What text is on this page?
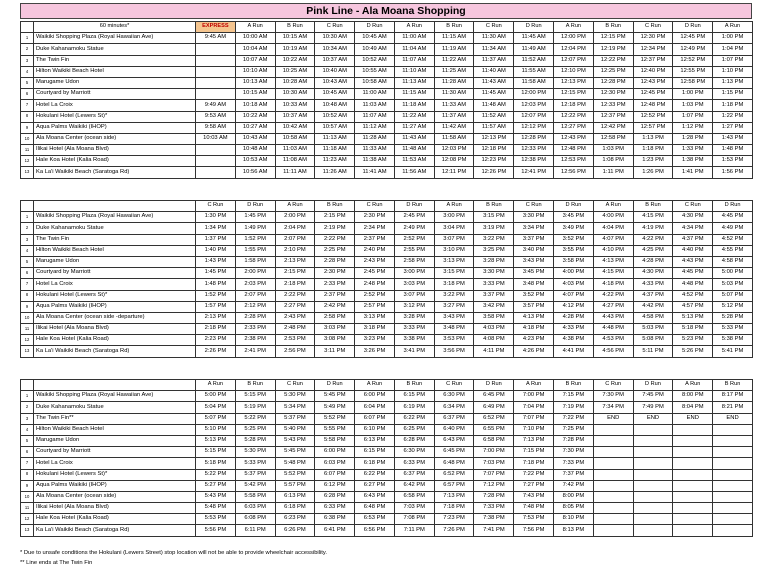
Pink Line - Ala Moana Shopping
	60 minutes*	EXPRESS	A Run	B Run	C Run	D Run	A Run	B Run	C Run	D Run	A Run	B Run	C Run	D Run	A Run	
1	Waikiki Shopping Plaza (Royal Hawaiian Ave)	9:45 AM	10:00 AM	10:15 AM	10:30 AM	10:45 AM	11:00 AM	11:15 AM	11:30 AM	11:45 AM	12:00 PM	12:15 PM	12:30 PM	12:45 PM	1:00 PM	
2	Duke Kahanamoku Statue		10:04 AM	10:19 AM	10:34 AM	10:49 AM	11:04 AM	11:19 AM	11:34 AM	11:49 AM	12:04 PM	12:19 PM	12:34 PM	12:49 PM	1:04 PM	
3	The Twin Fin		10:07 AM	10:22 AM	10:37 AM	10:52 AM	11:07 AM	11:22 AM	11:37 AM	11:52 AM	12:07 PM	12:22 PM	12:37 PM	12:52 PM	1:07 PM	
4	Hilton Waikiki Beach Hotel		10:10 AM	10:25 AM	10:40 AM	10:55 AM	11:10 AM	11:25 AM	11:40 AM	11:55 AM	12:10 PM	12:25 PM	12:40 PM	12:55 PM	1:10 PM	
5	Marugame Udon		10:13 AM	10:28 AM	10:43 AM	10:58 AM	11:13 AM	11:28 AM	11:43 AM	11:58 AM	12:13 PM	12:28 PM	12:43 PM	12:58 PM	1:13 PM	
6	Courtyard by Marriott		10:15 AM	10:30 AM	10:45 AM	11:00 AM	11:15 AM	11:30 AM	11:45 AM	12:00 PM	12:15 PM	12:30 PM	12:45 PM	1:00 PM	1:15 PM	
7	Hotel La Croix	9:49 AM	10:18 AM	10:33 AM	10:48 AM	11:03 AM	11:18 AM	11:33 AM	11:48 AM	12:03 PM	12:18 PM	12:33 PM	12:48 PM	1:03 PM	1:18 PM	
8	Hokulani Hotel (Lewers St)*	9:53 AM	10:22 AM	10:37 AM	10:52 AM	11:07 AM	11:22 AM	11:37 AM	11:52 AM	12:07 PM	12:22 PM	12:37 PM	12:52 PM	1:07 PM	1:22 PM	
9	Aqua Palms Waikiki (IHOP)	9:58 AM	10:27 AM	10:42 AM	10:57 AM	11:12 AM	11:27 AM	11:42 AM	11:57 AM	12:12 PM	12:27 PM	12:42 PM	12:57 PM	1:12 PM	1:27 PM	
10	Ala Moana Center (ocean side)	10:03 AM	10:43 AM	10:58 AM	11:13 AM	11:28 AM	11:43 AM	11:58 AM	12:13 PM	12:28 PM	12:43 PM	12:58 PM	1:13 PM	1:28 PM	1:43 PM	
11	Ilikai Hotel (Ala Moana Blvd)		10:48 AM	11:03 AM	11:18 AM	11:33 AM	11:48 AM	12:03 PM	12:18 PM	12:33 PM	12:48 PM	1:03 PM	1:18 PM	1:33 PM	1:48 PM	
12	Hale Koa Hotel (Kalia Road)		10:53 AM	11:08 AM	11:23 AM	11:38 AM	11:53 AM	12:08 PM	12:23 PM	12:38 PM	12:53 PM	1:08 PM	1:23 PM	1:38 PM	1:53 PM	
13	Ka La'i Waikiki Beach (Saratoga Rd)		10:56 AM	11:11 AM	11:26 AM	11:41 AM	11:56 AM	12:11 PM	12:26 PM	12:41 PM	12:56 PM	1:11 PM	1:26 PM	1:41 PM	1:56 PM	
		C Run	D Run	A Run	B Run	C Run	D Run	A Run	B Run	C Run	D Run	A Run	B Run	C Run	D Run	
1	Waikiki Shopping Plaza (Royal Hawaiian Ave)	1:30 PM	1:45 PM	2:00 PM	2:15 PM	2:30 PM	2:45 PM	3:00 PM	3:15 PM	3:30 PM	3:45 PM	4:00 PM	4:15 PM	4:30 PM	4:45 PM	
2	Duke Kahanamoku Statue	1:34 PM	1:49 PM	2:04 PM	2:19 PM	2:34 PM	2:49 PM	3:04 PM	3:19 PM	3:34 PM	3:49 PM	4:04 PM	4:19 PM	4:34 PM	4:49 PM	
3	The Twin Fin	1:37 PM	1:52 PM	2:07 PM	2:22 PM	2:37 PM	2:52 PM	3:07 PM	3:22 PM	3:37 PM	3:52 PM	4:07 PM	4:22 PM	4:37 PM	4:52 PM	
4	Hilton Waikiki Beach Hotel	1:40 PM	1:55 PM	2:10 PM	2:25 PM	2:40 PM	2:55 PM	3:10 PM	3:25 PM	3:40 PM	3:55 PM	4:10 PM	4:25 PM	4:40 PM	4:55 PM	
5	Marugame Udon	1:43 PM	1:58 PM	2:13 PM	2:28 PM	2:43 PM	2:58 PM	3:13 PM	3:28 PM	3:43 PM	3:58 PM	4:13 PM	4:28 PM	4:43 PM	4:58 PM	
6	Courtyard by Marriott	1:45 PM	2:00 PM	2:15 PM	2:30 PM	2:45 PM	3:00 PM	3:15 PM	3:30 PM	3:45 PM	4:00 PM	4:15 PM	4:30 PM	4:45 PM	5:00 PM	
7	Hotel La Croix	1:48 PM	2:03 PM	2:18 PM	2:33 PM	2:48 PM	3:03 PM	3:18 PM	3:33 PM	3:48 PM	4:03 PM	4:18 PM	4:33 PM	4:48 PM	5:03 PM	
8	Hokulani Hotel (Lewers St)*	1:52 PM	2:07 PM	2:22 PM	2:37 PM	2:52 PM	3:07 PM	3:22 PM	3:37 PM	3:52 PM	4:07 PM	4:22 PM	4:37 PM	4:52 PM	5:07 PM	
9	Aqua Palms Waikiki (IHOP)	1:57 PM	2:12 PM	2:27 PM	2:42 PM	2:57 PM	3:12 PM	3:27 PM	3:42 PM	3:57 PM	4:12 PM	4:27 PM	4:42 PM	4:57 PM	5:12 PM	
10	Ala Moana Center (ocean side -departure)	2:13 PM	2:28 PM	2:43 PM	2:58 PM	3:13 PM	3:28 PM	3:43 PM	3:58 PM	4:13 PM	4:28 PM	4:43 PM	4:58 PM	5:13 PM	5:28 PM	
11	Ilikai Hotel (Ala Moana Blvd)	2:18 PM	2:33 PM	2:48 PM	3:03 PM	3:18 PM	3:33 PM	3:48 PM	4:03 PM	4:18 PM	4:33 PM	4:48 PM	5:03 PM	5:18 PM	5:33 PM	
12	Hale Koa Hotel (Kalia Road)	2:23 PM	2:38 PM	2:53 PM	3:08 PM	3:23 PM	3:38 PM	3:53 PM	4:08 PM	4:23 PM	4:38 PM	4:53 PM	5:08 PM	5:23 PM	5:38 PM	
13	Ka La'i Waikiki Beach (Saratoga Rd)	2:26 PM	2:41 PM	2:56 PM	3:11 PM	3:26 PM	3:41 PM	3:56 PM	4:11 PM	4:26 PM	4:41 PM	4:56 PM	5:11 PM	5:26 PM	5:41 PM	
		A Run	B Run	C Run	D Run	A Run	B Run	C Run	D Run	A Run	B Run	C Run	D Run	A Run	B Run
1	Waikiki Shopping Plaza (Royal Hawaiian Ave)	5:00 PM	5:15 PM	5:30 PM	5:45 PM	6:00 PM	6:15 PM	6:30 PM	6:45 PM	7:00 PM	7:15 PM	7:30 PM	7:45 PM	8:00 PM	8:17 PM
2	Duke Kahanamoku Statue	5:04 PM	5:19 PM	5:34 PM	5:49 PM	6:04 PM	6:19 PM	6:34 PM	6:49 PM	7:04 PM	7:19 PM	7:34 PM	7:49 PM	8:04 PM	8:21 PM
3	The Twin Fin**	5:07 PM	5:22 PM	5:37 PM	5:52 PM	6:07 PM	6:22 PM	6:37 PM	6:52 PM	7:07 PM	7:22 PM	END	END	END	END
4	Hilton Waikiki Beach Hotel	5:10 PM	5:25 PM	5:40 PM	5:55 PM	6:10 PM	6:25 PM	6:40 PM	6:55 PM	7:10 PM	7:25 PM				
5	Marugame Udon	5:13 PM	5:28 PM	5:43 PM	5:58 PM	6:13 PM	6:28 PM	6:43 PM	6:58 PM	7:13 PM	7:28 PM				
6	Courtyard by Marriott	5:15 PM	5:30 PM	5:45 PM	6:00 PM	6:15 PM	6:30 PM	6:45 PM	7:00 PM	7:15 PM	7:30 PM				
7	Hotel La Croix	5:18 PM	5:33 PM	5:48 PM	6:03 PM	6:18 PM	6:33 PM	6:48 PM	7:03 PM	7:18 PM	7:33 PM				
8	Hokulani Hotel (Lewers St)*	5:22 PM	5:37 PM	5:52 PM	6:07 PM	6:22 PM	6:37 PM	6:52 PM	7:07 PM	7:22 PM	7:37 PM				
9	Aqua Palms Waikiki (IHOP)	5:27 PM	5:42 PM	5:57 PM	6:12 PM	6:27 PM	6:42 PM	6:57 PM	7:12 PM	7:27 PM	7:42 PM				
10	Ala Moana Center (ocean side)	5:43 PM	5:58 PM	6:13 PM	6:28 PM	6:43 PM	6:58 PM	7:13 PM	7:28 PM	7:43 PM	8:00 PM				
11	Ilikai Hotel (Ala Moana Blvd)	5:48 PM	6:03 PM	6:18 PM	6:33 PM	6:48 PM	7:03 PM	7:18 PM	7:33 PM	7:48 PM	8:05 PM				
12	Hale Koa Hotel (Kalia Road)	5:53 PM	6:08 PM	6:23 PM	6:38 PM	6:53 PM	7:08 PM	7:23 PM	7:38 PM	7:53 PM	8:10 PM				
13	Ka La'i Waikiki Beach (Saratoga Rd)	5:56 PM	6:11 PM	6:26 PM	6:41 PM	6:56 PM	7:11 PM	7:26 PM	7:41 PM	7:56 PM	8:13 PM				
* Due to unsafe conditions the Hokulani (Lewers Street) stop location will not be able to provide wheelchair accessibility.
** Line ends at The Twin Fin
